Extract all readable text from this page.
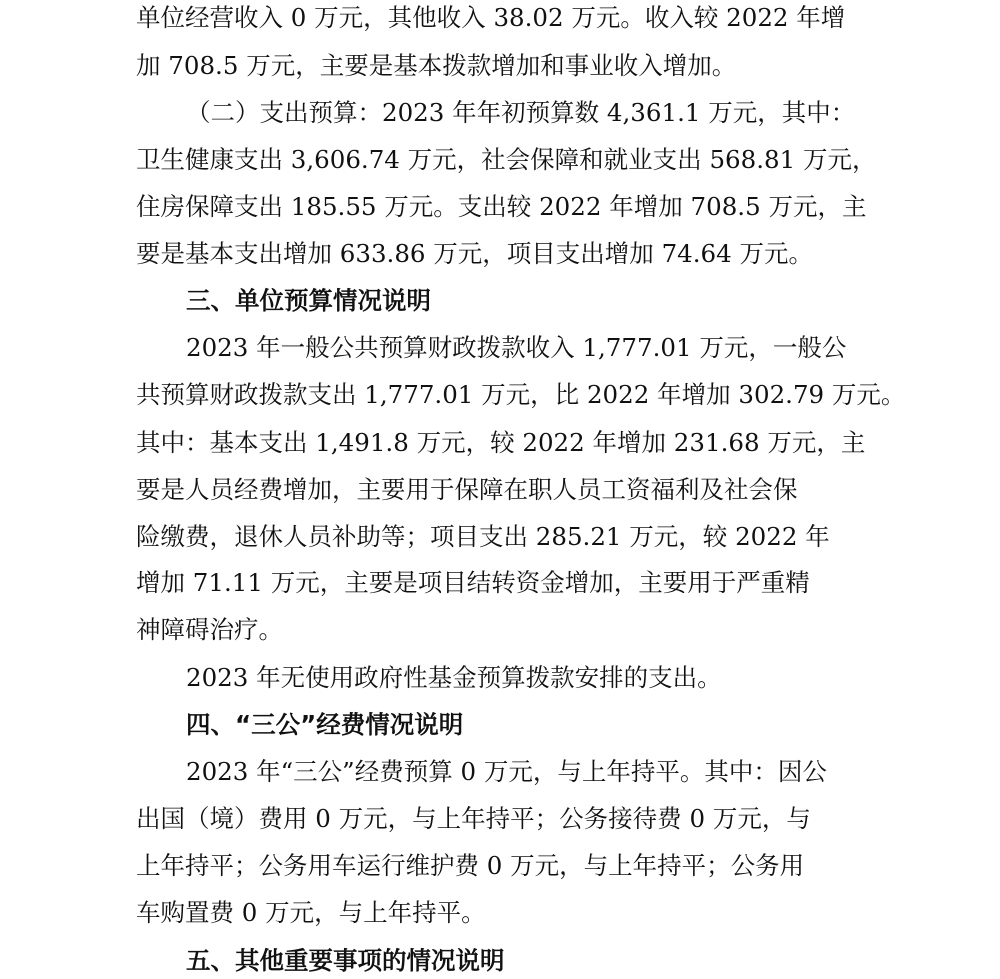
单位经营收入 0 万元，其他收入 38.02 万元。收入较 2022 年增
加 708.5 万元，主要是基本拨款增加和事业收入增加。
（二）支出预算：2023 年年初预算数 4,361.1 万元，其中：
卫生健康支出 3,606.74 万元，社会保障和就业支出 568.81 万元，
住房保障支出 185.55 万元。支出较 2022 年增加 708.5 万元，主
要是基本支出增加 633.86 万元，项目支出增加 74.64 万元。
三、单位预算情况说明
2023 年一般公共预算财政拨款收入 1,777.01 万元，一般公
共预算财政拨款支出 1,777.01 万元，比 2022 年增加 302.79 万元。
其中：基本支出 1,491.8 万元，较 2022 年增加 231.68 万元，主
要是人员经费增加，主要用于保障在职人员工资福利及社会保
险缴费，退休人员补助等；项目支出 285.21 万元，较 2022 年
增加 71.11 万元，主要是项目结转资金增加，主要用于严重精
神障碍治疗。
2023 年无使用政府性基金预算拨款安排的支出。
四、“三公”经费情况说明
2023 年“三公”经费预算 0 万元，与上年持平。其中：因公
出国（境）费用 0 万元，与上年持平；公务接待费 0 万元，与
上年持平；公务用车运行维护费 0 万元，与上年持平；公务用
车购置费 0 万元，与上年持平。
五、其他重要事项的情况说明
